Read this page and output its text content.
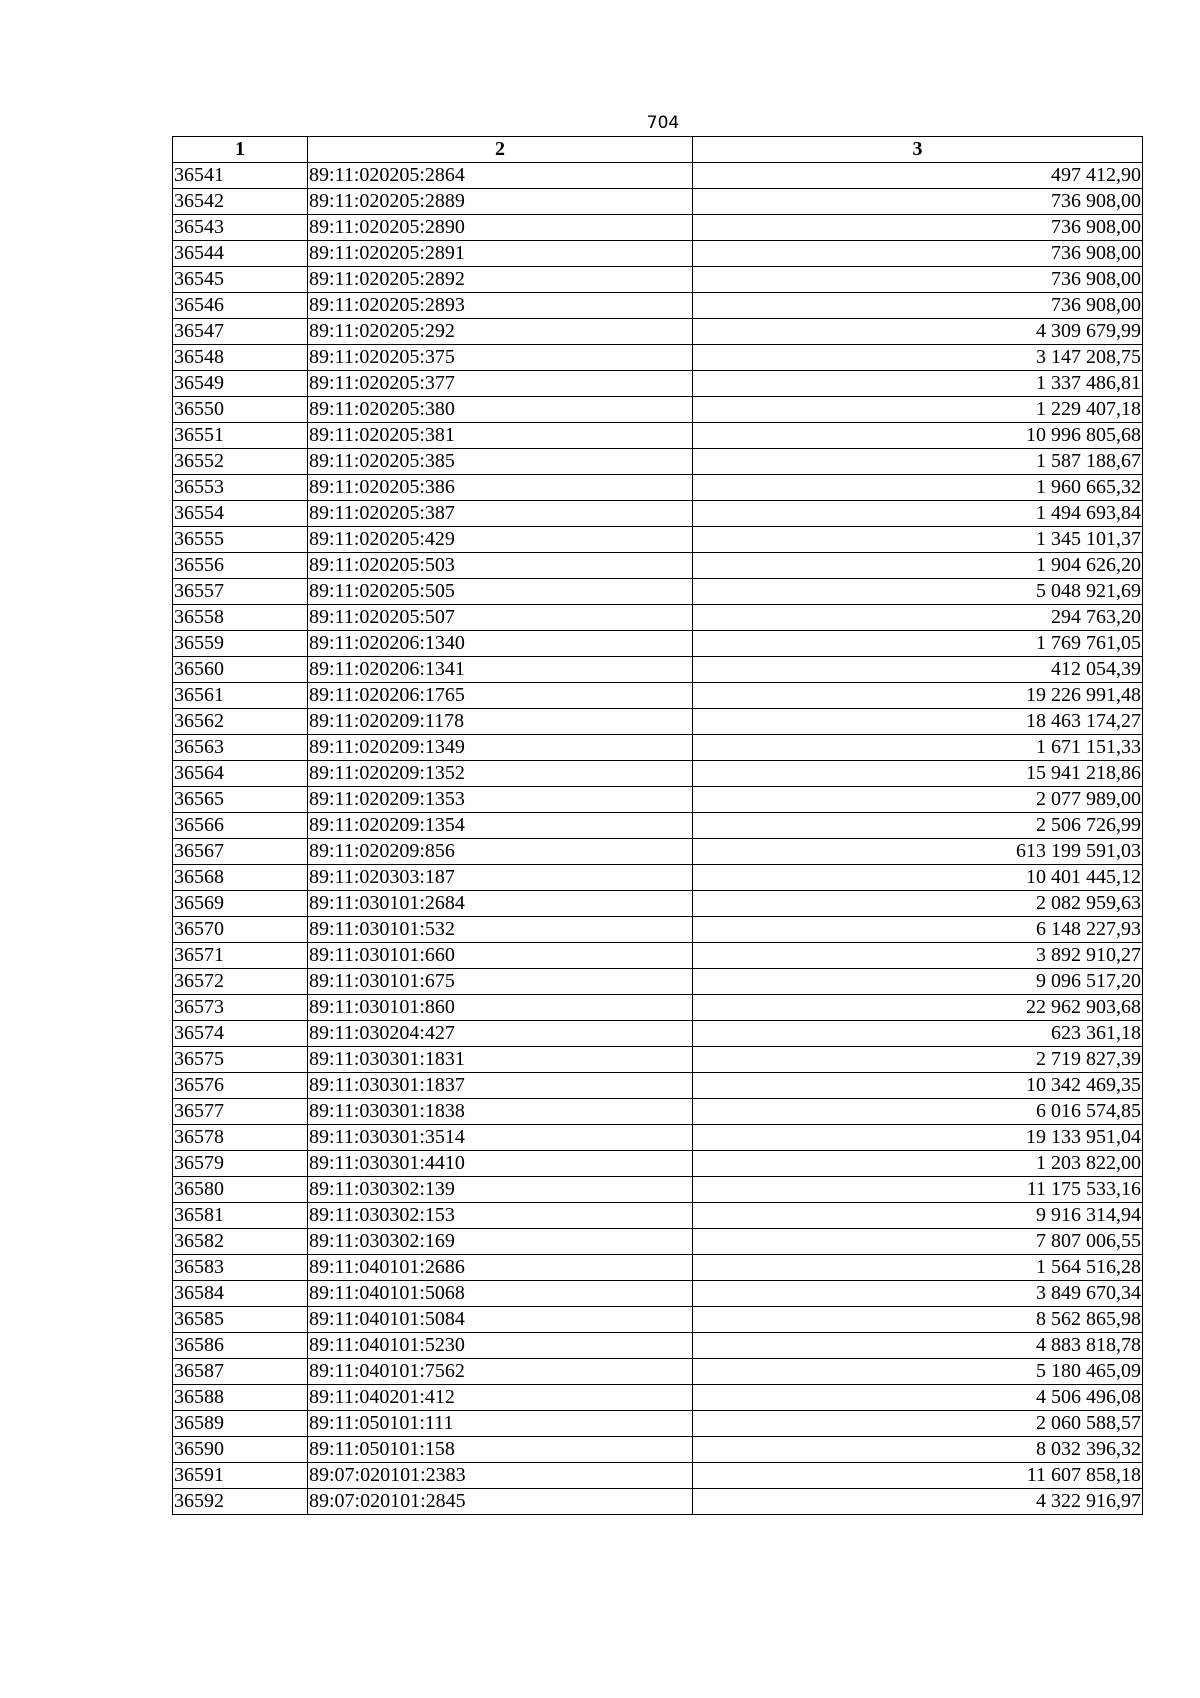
704
1	2	3
36541	89:11:020205:2864	497 412,90
36542	89:11:020205:2889	736 908,00
36543	89:11:020205:2890	736 908,00
36544	89:11:020205:2891	736 908,00
36545	89:11:020205:2892	736 908,00
36546	89:11:020205:2893	736 908,00
36547	89:11:020205:292	4 309 679,99
36548	89:11:020205:375	3 147 208,75
36549	89:11:020205:377	1 337 486,81
36550	89:11:020205:380	1 229 407,18
36551	89:11:020205:381	10 996 805,68
36552	89:11:020205:385	1 587 188,67
36553	89:11:020205:386	1 960 665,32
36554	89:11:020205:387	1 494 693,84
36555	89:11:020205:429	1 345 101,37
36556	89:11:020205:503	1 904 626,20
36557	89:11:020205:505	5 048 921,69
36558	89:11:020205:507	294 763,20
36559	89:11:020206:1340	1 769 761,05
36560	89:11:020206:1341	412 054,39
36561	89:11:020206:1765	19 226 991,48
36562	89:11:020209:1178	18 463 174,27
36563	89:11:020209:1349	1 671 151,33
36564	89:11:020209:1352	15 941 218,86
36565	89:11:020209:1353	2 077 989,00
36566	89:11:020209:1354	2 506 726,99
36567	89:11:020209:856	613 199 591,03
36568	89:11:020303:187	10 401 445,12
36569	89:11:030101:2684	2 082 959,63
36570	89:11:030101:532	6 148 227,93
36571	89:11:030101:660	3 892 910,27
36572	89:11:030101:675	9 096 517,20
36573	89:11:030101:860	22 962 903,68
36574	89:11:030204:427	623 361,18
36575	89:11:030301:1831	2 719 827,39
36576	89:11:030301:1837	10 342 469,35
36577	89:11:030301:1838	6 016 574,85
36578	89:11:030301:3514	19 133 951,04
36579	89:11:030301:4410	1 203 822,00
36580	89:11:030302:139	11 175 533,16
36581	89:11:030302:153	9 916 314,94
36582	89:11:030302:169	7 807 006,55
36583	89:11:040101:2686	1 564 516,28
36584	89:11:040101:5068	3 849 670,34
36585	89:11:040101:5084	8 562 865,98
36586	89:11:040101:5230	4 883 818,78
36587	89:11:040101:7562	5 180 465,09
36588	89:11:040201:412	4 506 496,08
36589	89:11:050101:111	2 060 588,57
36590	89:11:050101:158	8 032 396,32
36591	89:07:020101:2383	11 607 858,18
36592	89:07:020101:2845	4 322 916,97
